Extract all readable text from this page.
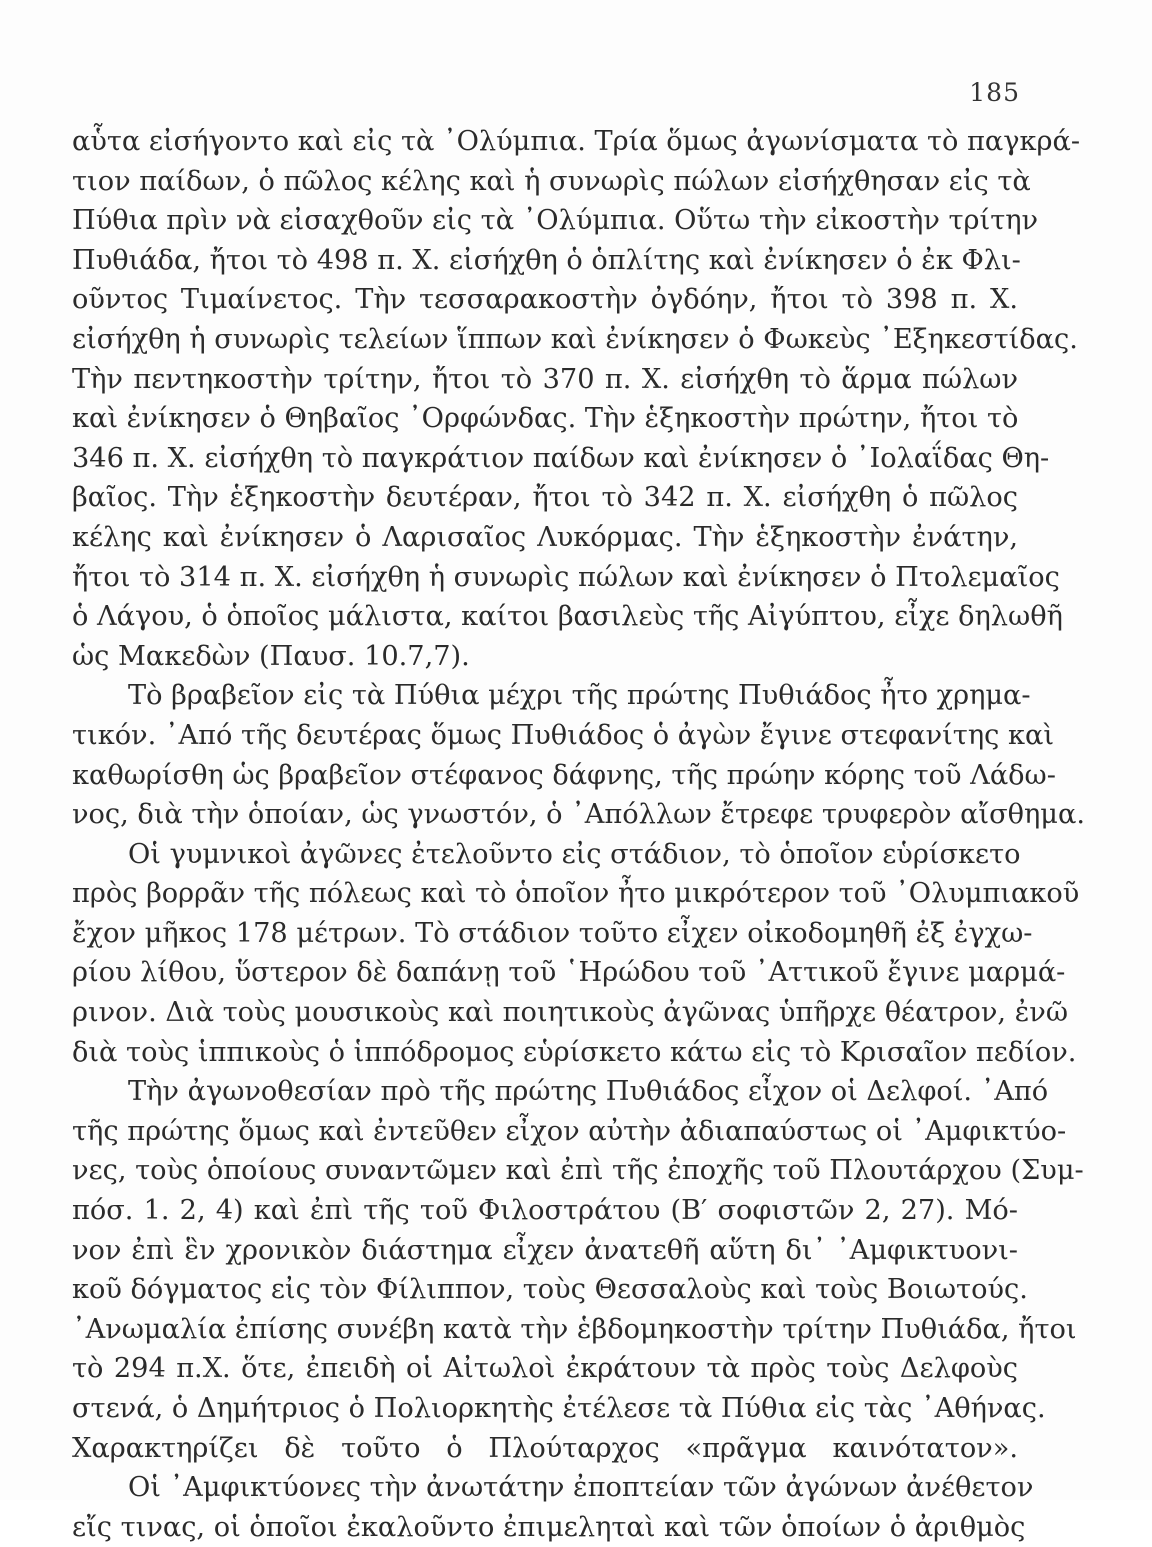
185
αὗτα εἰσήγοντο καὶ εἰς τὰ ᾿Ολύμπια. Τρία ὅμως ἀγωνίσματα τὸ παγκρά-
τιον παίδων, ὁ πῶλος κέλης καὶ ἡ συνωρὶς πώλων εἰσήχθησαν εἰς τὰ
Πύθια πρὶν νὰ εἰσαχθοῦν εἰς τὰ ᾿Ολύμπια. Οὕτω τὴν εἰκοστὴν τρίτην
Πυθιάδα, ἤτοι τὸ 498 π. Χ. εἰσήχθη ὁ ὁπλίτης καὶ ἐνίκησεν ὁ ἐκ Φλι-
οῦντος Τιμαίνετος. Τὴν τεσσαρακοστὴν ὀγδόην, ἤτοι τὸ 398 π. Χ.
εἰσήχθη ἡ συνωρὶς τελείων ἵππων καὶ ἐνίκησεν ὁ Φωκεὺς ᾿Εξηκεστίδας.
Τὴν πεντηκοστὴν τρίτην, ἤτοι τὸ 370 π. Χ. εἰσήχθη τὸ ἅρμα πώλων
καὶ ἐνίκησεν ὁ Θηβαῖος ᾿Ορφώνδας. Τὴν ἑξηκοστὴν πρώτην, ἤτοι τὸ
346 π. Χ. εἰσήχθη τὸ παγκράτιον παίδων καὶ ἐνίκησεν ὁ ᾿Ιολαΐδας Θη-
βαῖος. Τὴν ἑξηκοστὴν δευτέραν, ἤτοι τὸ 342 π. Χ. εἰσήχθη ὁ πῶλος
κέλης καὶ ἐνίκησεν ὁ Λαρισαῖος Λυκόρμας. Τὴν ἑξηκοστὴν ἐνάτην,
ἤτοι τὸ 314 π. Χ. εἰσήχθη ἡ συνωρὶς πώλων καὶ ἐνίκησεν ὁ Πτολεμαῖος
ὁ Λάγου, ὁ ὁποῖος μάλιστα, καίτοι βασιλεὺς τῆς Αἰγύπτου, εἶχε δηλωθῆ
ὡς Μακεδὼν (Παυσ. 10.7,7).
Τὸ βραβεῖον εἰς τὰ Πύθια μέχρι τῆς πρώτης Πυθιάδος ἦτο χρημα-
τικόν. ᾿Από τῆς δευτέρας ὅμως Πυθιάδος ὁ ἀγὼν ἔγινε στεφανίτης καὶ
καθωρίσθη ὡς βραβεῖον στέφανος δάφνης, τῆς πρώην κόρης τοῦ Λάδω-
νος, διὰ τὴν ὁποίαν, ὡς γνωστόν, ὁ ᾿Απόλλων ἔτρεφε τρυφερὸν αἴσθημα.
Οἱ γυμνικοὶ ἀγῶνες ἐτελοῦντο εἰς στάδιον, τὸ ὁποῖον εὑρίσκετο
πρὸς βορρᾶν τῆς πόλεως καὶ τὸ ὁποῖον ἦτο μικρότερον τοῦ ᾿Ολυμπιακοῦ
ἔχον μῆκος 178 μέτρων. Τὸ στάδιον τοῦτο εἶχεν οἰκοδομηθῆ ἐξ ἐγχω-
ρίου λίθου, ὕστερον δὲ δαπάνῃ τοῦ ῾Ηρώδου τοῦ ᾿Αττικοῦ ἔγινε μαρμά-
ρινον. Διὰ τοὺς μουσικοὺς καὶ ποιητικοὺς ἀγῶνας ὑπῆρχε θέατρον, ἐνῶ
διὰ τοὺς ἱππικοὺς ὁ ἱππόδρομος εὑρίσκετο κάτω εἰς τὸ Κρισαῖον πεδίον.
Τὴν ἀγωνοθεσίαν πρὸ τῆς πρώτης Πυθιάδος εἶχον οἱ Δελφοί. ᾿Από
τῆς πρώτης ὅμως καὶ ἐντεῦθεν εἶχον αὐτὴν ἀδιαπαύστως οἱ ᾿Αμφικτύο-
νες, τοὺς ὁποίους συναντῶμεν καὶ ἐπὶ τῆς ἐποχῆς τοῦ Πλουτάρχου (Συμ-
πόσ. 1. 2, 4) καὶ ἐπὶ τῆς τοῦ Φιλοστράτου (Β′ σοφιστῶν 2, 27). Μό-
νον ἐπὶ ἓν χρονικὸν διάστημα εἶχεν ἀνατεθῆ αὕτη δι᾿ ᾿Αμφικτυονι-
κοῦ δόγματος εἰς τὸν Φίλιππον, τοὺς Θεσσαλοὺς καὶ τοὺς Βοιωτούς.
᾿Ανωμαλία ἐπίσης συνέβη κατὰ τὴν ἑβδομηκοστὴν τρίτην Πυθιάδα, ἤτοι
τὸ 294 π.Χ. ὅτε, ἐπειδὴ οἱ Αἰτωλοὶ ἐκράτουν τὰ πρὸς τοὺς Δελφοὺς
στενά, ὁ Δημήτριος ὁ Πολιορκητὴς ἐτέλεσε τὰ Πύθια εἰς τὰς ᾿Αθήνας.
Χαρακτηρίζει δὲ τοῦτο ὁ Πλούταρχος «πρᾶγμα καινότατον».
Οἱ ᾿Αμφικτύονες τὴν ἀνωτάτην ἐποπτείαν τῶν ἀγώνων ἀνέθετον
εἴς τινας, οἱ ὁποῖοι ἐκαλοῦντο ἐπιμεληταὶ καὶ τῶν ὁποίων ὁ ἀριθμὸς
